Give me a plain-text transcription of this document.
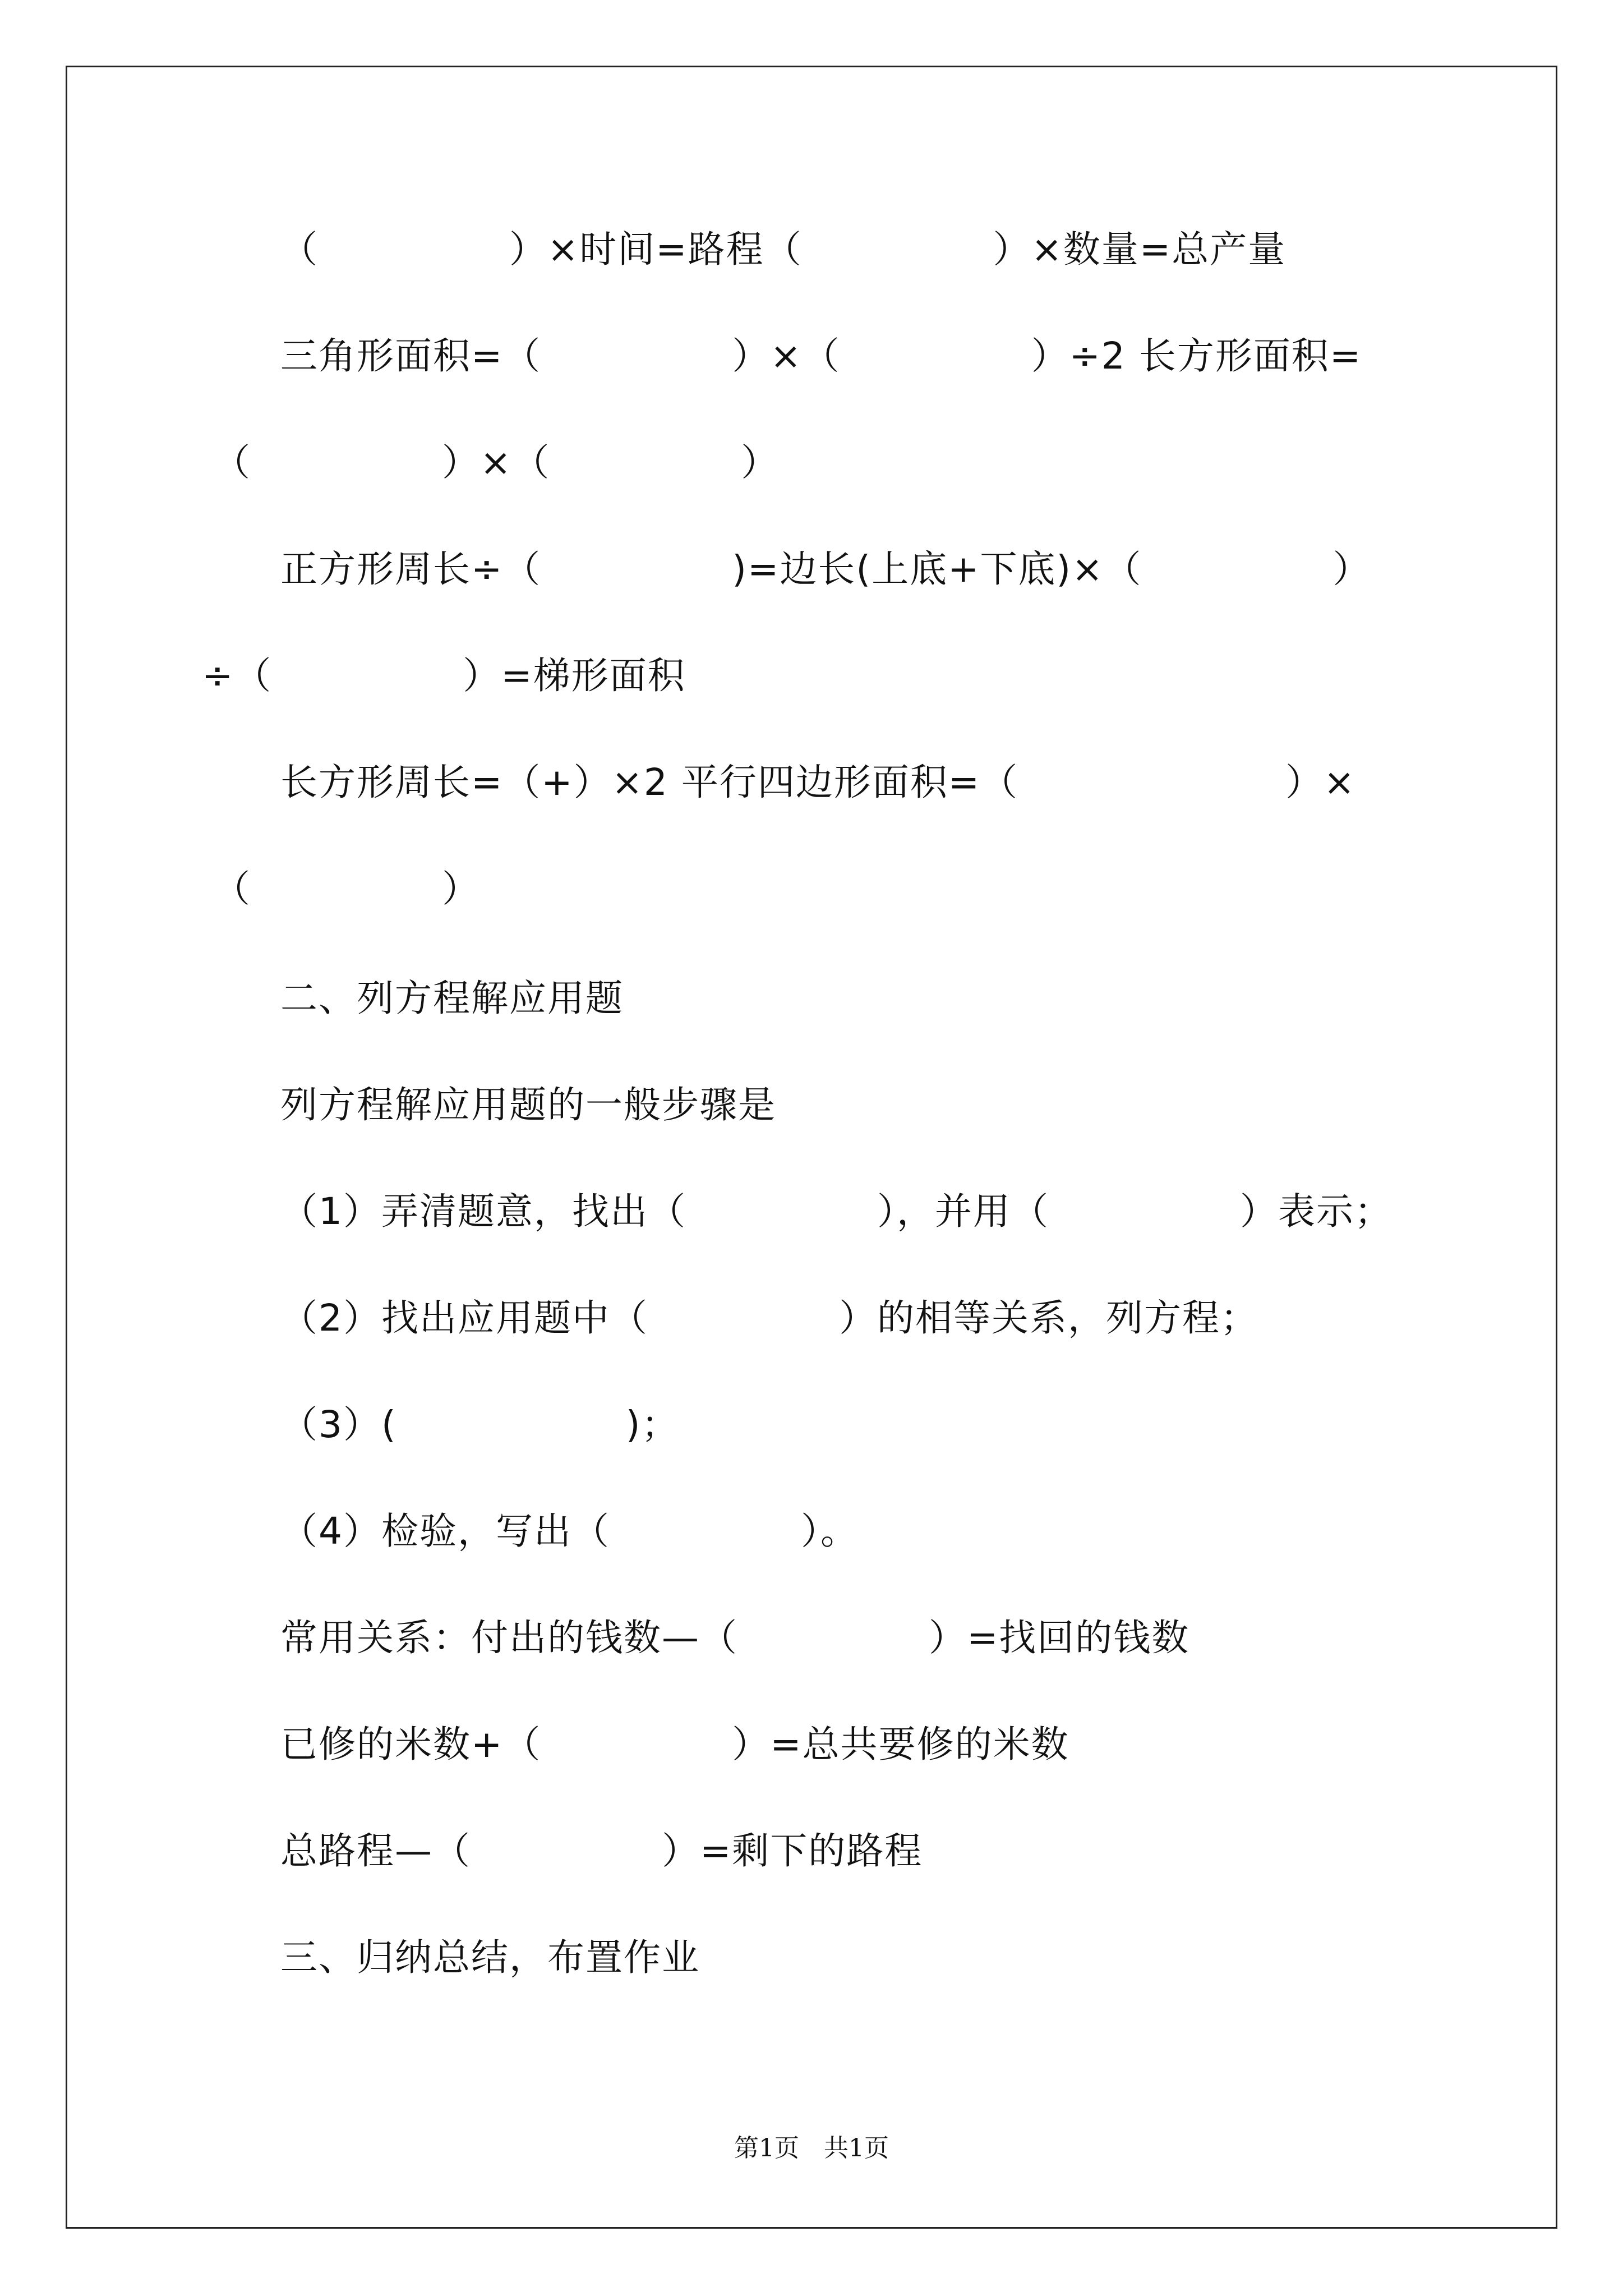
（　　　　　）×时间=路程（　　　　　）×数量=总产量
三角形面积=（　　　　　）×（　　　　　）÷2 长方形面积=
（　　　　　）×（　　　　　）
正方形周长÷（　　　　　)=边长(上底+下底)×（　　　　　）
÷（　　　　　）=梯形面积
长方形周长=（+）×2 平行四边形面积=（　　　　　　　）×
（　　　　　）
二、列方程解应用题
列方程解应用题的一般步骤是
（1）弄清题意，找出（　　　　　），并用（　　　　　）表示；
（2）找出应用题中（　　　　　）的相等关系，列方程；
（3）(　　　　　　)；
（4）检验，写出（　　　　　）。
常用关系：付出的钱数—（　　　　　）=找回的钱数
已修的米数+（　　　　　）=总共要修的米数
总路程—（　　　　　）=剩下的路程
三、归纳总结，布置作业
第1页　共1页
